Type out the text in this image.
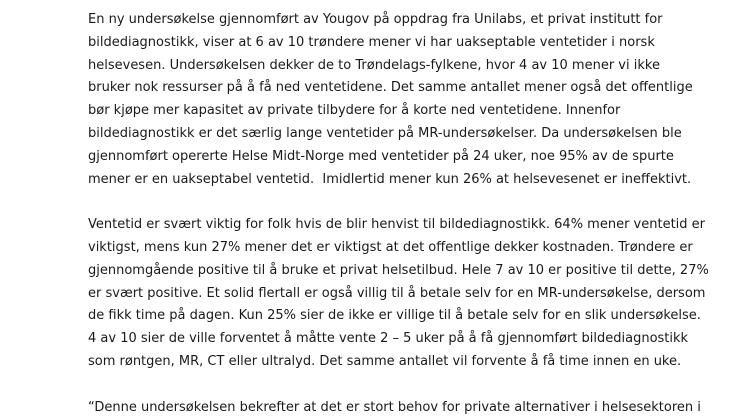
En ny undersøkelse gjennomført av Yougov på oppdrag fra Unilabs, et privat institutt for
bildediagnostikk, viser at 6 av 10 trøndere mener vi har uakseptable ventetider i norsk
helsevesen. Undersøkelsen dekker de to Trøndelags-fylkene, hvor 4 av 10 mener vi ikke
bruker nok ressurser på å få ned ventetidene. Det samme antallet mener også det offentlige
bør kjøpe mer kapasitet av private tilbydere for å korte ned ventetidene. Innenfor
bildediagnostikk er det særlig lange ventetider på MR-undersøkelser. Da undersøkelsen ble
gjennomført opererte Helse Midt-Norge med ventetider på 24 uker, noe 95% av de spurte
mener er en uakseptabel ventetid.  Imidlertid mener kun 26% at helsevesenet er ineffektivt.
Ventetid er svært viktig for folk hvis de blir henvist til bildediagnostikk. 64% mener ventetid er
viktigst, mens kun 27% mener det er viktigst at det offentlige dekker kostnaden. Trøndere er
gjennomgående positive til å bruke et privat helsetilbud. Hele 7 av 10 er positive til dette, 27%
er svært positive. Et solid flertall er også villig til å betale selv for en MR-undersøkelse, dersom
de fikk time på dagen. Kun 25% sier de ikke er villige til å betale selv for en slik undersøkelse.
4 av 10 sier de ville forventet å måtte vente 2 – 5 uker på å få gjennomført bildediagnostikk
som røntgen, MR, CT eller ultralyd. Det samme antallet vil forvente å få time innen en uke.
“Denne undersøkelsen bekrefter at det er stort behov for private alternativer i helsesektoren i
